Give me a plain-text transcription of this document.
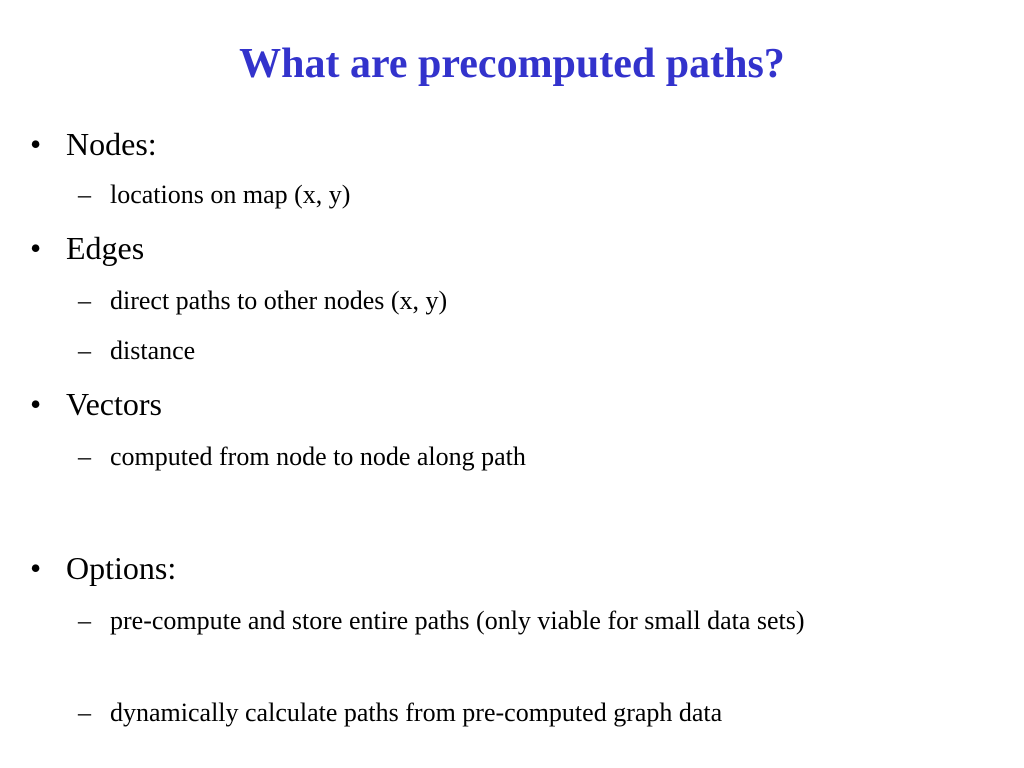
What are precomputed paths?
• Nodes:
– locations on map (x, y)
• Edges
– direct paths to other nodes (x, y)
– distance
• Vectors
– computed from node to node along path
• Options:
– pre-compute and store entire paths (only viable for small data sets)
– dynamically calculate paths from pre-computed graph data
